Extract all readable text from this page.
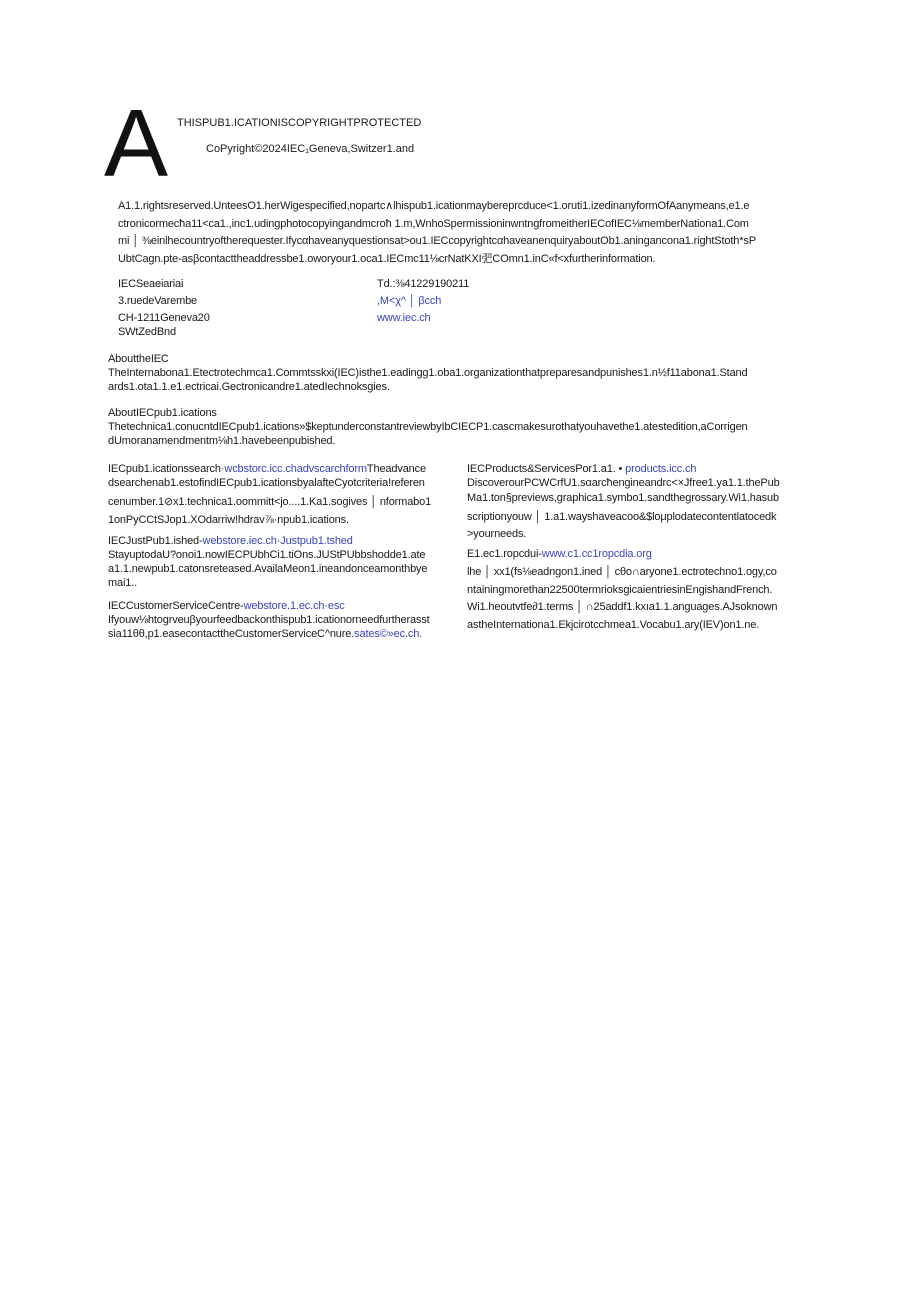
A THISPUB1.ICATIONISCOPYRIGHTPROTECTED
CoPyright©2024IEC₁Geneva,Switzer1.and
A1.1.rightsreserved.UnteesO1.herWigespecified,nopartc∧lhispub1.icationmaybereprcduce<1.oruti1.izedinanyformOfAanymeans,e1.e
ctronicormecħa11<ca1.,inc1.udingphotocopyingandmcroħ 1.m,WnhoSpermissioninwntngfromeitherIECofIEC⅛memberNationa1.Com
mi │ ⅜einlhecountryoftherequester.Ifycαhaveanyquestionsat>ou1.IECcopyrightcαhaveanenquiryaboutOb1.aningancona1.rightStoth*sP
UbtCagn.pte-asβcontacttheaddressbe1.oworyour1.oca1.IECmc11⅛crNatKXI弝COmn1.inC«f<xfurtherinformation.
IECSeaeiariai
3.ruedeVarembe
CH-1211Geneva20
SWtZedBnd
Td.:⅜41229190211
,M<χ^ │ βcch
www.iec.ch
AbouttheIEC
TheInternabona1.Etectrotechmca1.Commtsskxi(IEC)isthe1.eadingg1.oba1.organizationthatpreparesandpunishes1.n½f11abona1.Stand
ards1.ota1.1.e1.ectricai.Gectronicandre1.atedIechnoksgies.
AboutIECpub1.ications
Thetechnica1.conucntdIECpub1.ications»$keptunderconstantreviewbyIbCIECP1.cascmakesurothatyouhavethe1.atestedition,aCorrigen
dUmoranamendmentm⅛h1.havebeenpubished.
IECpub1.icationssearch·wcbstorc.icc.chadvscarchformTheadvance
dsearchenab1.estofindIECpub1.icationsbyalafteCyotcriteria!referen
cenumber.1⊘x1.technica1.oommitt<jo....1.Ka1.sogives │ nformabo1
1onPyCCtSJop1.XOdarriw!hdrav⅞·npub1.ications.
IECJustPub1.ished-webstore.iec.ch·Justpub1.tshed
StayuptodaU?onoi1.nowIECPUbhCi1.tiOns.JUStPUbbshodde1.ate
a1.1.newpub1.catonsreteased.AvailaMeon1.ineandonceamonthbye
mai1..
IECCustomerServiceCentre-webstore.1.ec.ch·esc
Ifyouw⅛htogrveuβyourfeedbackonthispub1.icationorneedfurtherasst
sia11θθ,p1.easecontacttheCustomerServiceC^nure.sates©»ec.ch.
IECProducts&ServicesPor1.a1. • products.icc.ch
DiscoverourPCWCrfU1.sαarcħengineandrc<×Jfree1.ya1.1.thePub
Ma1.ton§previews,graphica1.symbo1.sandthegrossary.Wi1.hasub
scriptionyouw │ 1.a1.wayshaveacoo&$loμplodatecontentlatocedk
>yourneeds.
E1.ec1.ropcdui-www.c1.cc1ropcdia.org
lhe │ xx1(fs⅛eadngon1.ined │ cθo∩aryone1.ectrotechno1.ogy,co
ntainingmorethan22500termrioksgicaientriesinEngishandFrench.
Wi1.heoutvtfe∂1.terms │ ∩25addf1.kxıa1.1.anguages.AJsoknown
astheInternationa1.Ekjcirotcchmea1.Vocabu1.ary(IEV)on1.ne.
